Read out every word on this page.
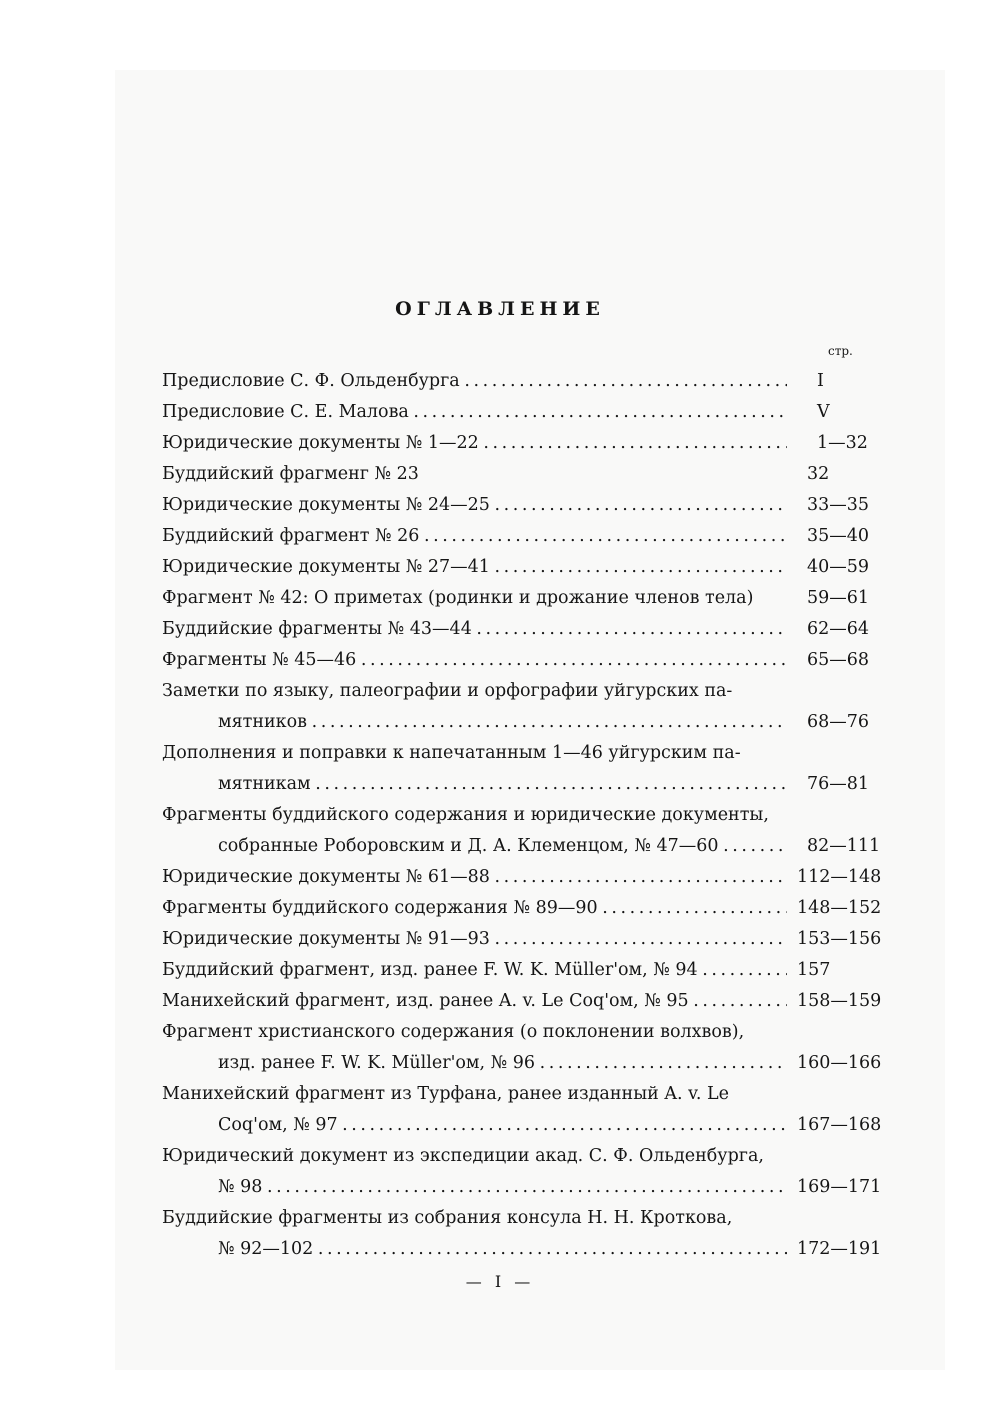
ОГЛАВЛЕНИЕ
стр.
Предисловие С. Ф. Ольденбурга . . .	I
Предисловие С. Е. Малова . . .	V
Юридические документы № 1—22 . . .	1—32
Буддийский фрагменг № 23	32
Юридические документы № 24—25 . . .	33—35
Буддийский фрагмент № 26 . . .	35—40
Юридические документы № 27—41 . . .	40—59
Фрагмент № 42: О приметах (родинки и дрожание членов тела)	59—61
Буддийские фрагменты № 43—44 . . .	62—64
Фрагменты № 45—46 . . .	65—68
Заметки по языку, палеографии и орфографии уйгурских па-
мятников . . .	68—76
Дополнения и поправки к напечатанным 1—46 уйгурским па-
мятникам . . .	76—81
Фрагменты буддийского содержания и юридические документы,
собранные Роборовским и Д. А. Клеменцом, № 47—60 . . .	82—111
Юридические документы № 61—88 . . .	112—148
Фрагменты буддийского содержания № 89—90 . . .	148—152
Юридические документы № 91—93 . . .	153—156
Буддийский фрагмент, изд. ранее F. W. K. Müller'ом, № 94 . . .	157
Манихейский фрагмент, изд. ранее A. v. Le Coq'ом, № 95 . . .	158—159
Фрагмент христианского содержания (о поклонении волхвов),
изд. ранее F. W. K. Müller'ом, № 96 . . .	160—166
Манихейский фрагмент из Турфана, ранее изданный A. v. Le
Coq'ом, № 97 . . .	167—168
Юридический документ из экспедиции акад. С. Ф. Ольденбурга,
№ 98 . . .	169—171
Буддийские фрагменты из собрания консула Н. Н. Кроткова,
№ 92—102 . . .	172—191
— I —
